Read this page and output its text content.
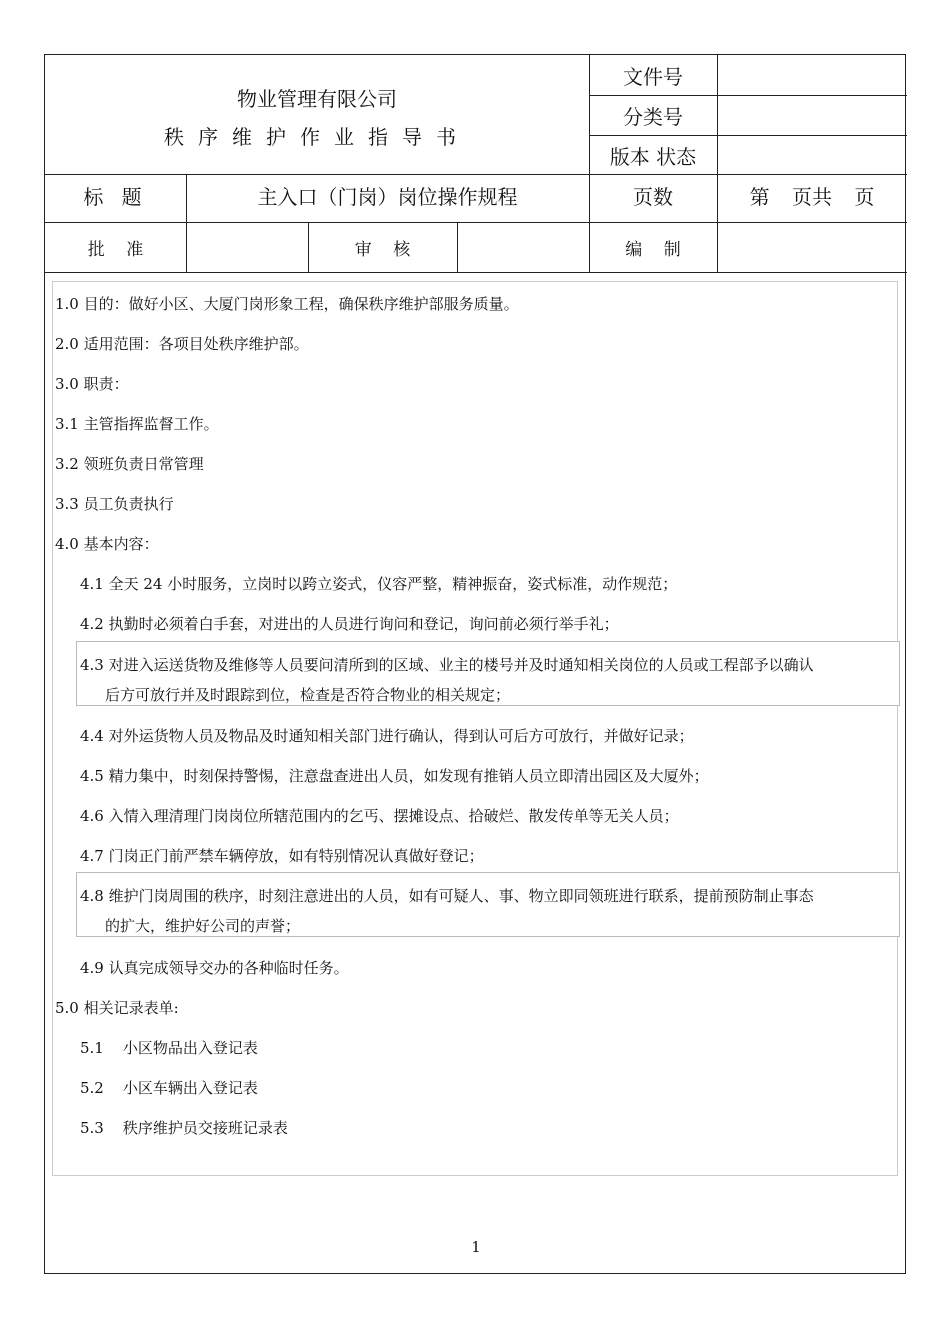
物业管理有限公司
秩序维护作业指导书
文件号
分类号
版本 状态
标 题	主入口（门岗）岗位操作规程	页数	第 页共 页
批 准	审 核	编 制
1.0 目的：做好小区、大厦门岗形象工程，确保秩序维护部服务质量。
2.0 适用范围：各项目处秩序维护部。
3.0 职责：
3.1 主管指挥监督工作。
3.2 领班负责日常管理
3.3 员工负责执行
4.0 基本内容：
4.1 全天 24 小时服务，立岗时以跨立姿式，仪容严整，精神振奋，姿式标准，动作规范；
4.2 执勤时必须着白手套，对进出的人员进行询问和登记，询问前必须行举手礼；
4.3 对进入运送货物及维修等人员要问清所到的区域、业主的楼号并及时通知相关岗位的人员或工程部予以确认
后方可放行并及时跟踪到位，检查是否符合物业的相关规定；
4.4 对外运货物人员及物品及时通知相关部门进行确认，得到认可后方可放行，并做好记录；
4.5 精力集中，时刻保持警惕，注意盘查进出人员，如发现有推销人员立即清出园区及大厦外；
4.6 入情入理清理门岗岗位所辖范围内的乞丐、摆摊设点、拾破烂、散发传单等无关人员；
4.7 门岗正门前严禁车辆停放，如有特别情况认真做好登记；
4.8 维护门岗周围的秩序，时刻注意进出的人员，如有可疑人、事、物立即同领班进行联系，提前预防制止事态
的扩大，维护好公司的声誉；
4.9 认真完成领导交办的各种临时任务。
5.0 相关记录表单:
5.1    小区物品出入登记表
5.2    小区车辆出入登记表
5.3    秩序维护员交接班记录表
1
